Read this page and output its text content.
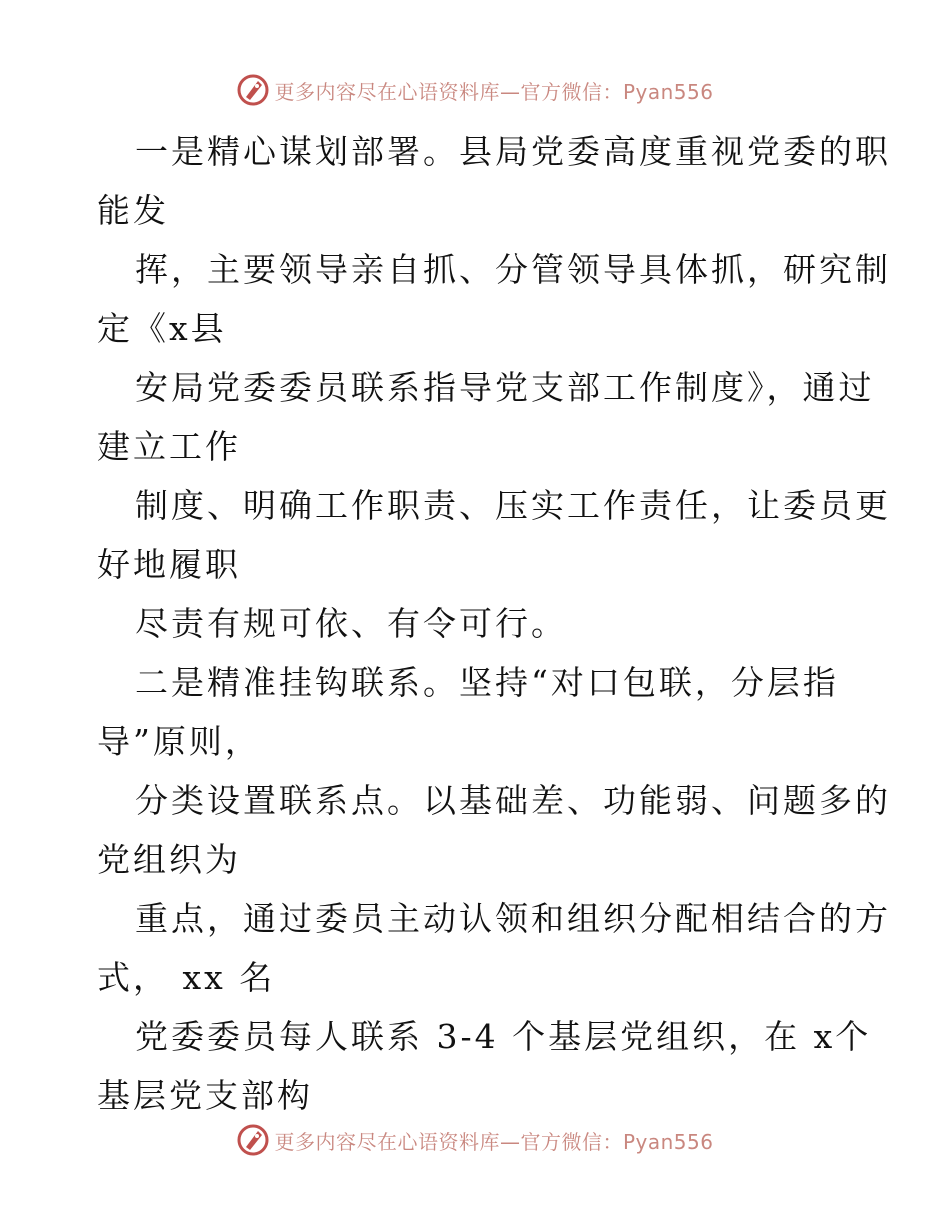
更多内容尽在心语资料库—官方微信：Pyan556
一是精心谋划部署。县局党委高度重视党委的职
能发
挥，主要领导亲自抓、分管领导具体抓，研究制
定《x县
安局党委委员联系指导党支部工作制度》，通过
建立工作
制度、明确工作职责、压实工作责任，让委员更
好地履职
尽责有规可依、有令可行。
二是精准挂钩联系。坚持“对口包联，分层指
导”原则，
分类设置联系点。以基础差、功能弱、问题多的
党组织为
重点，通过委员主动认领和组织分配相结合的方
式， xx 名
党委委员每人联系 3-4 个基层党组织，在 x个
基层党支部构
更多内容尽在心语资料库—官方微信：Pyan556
